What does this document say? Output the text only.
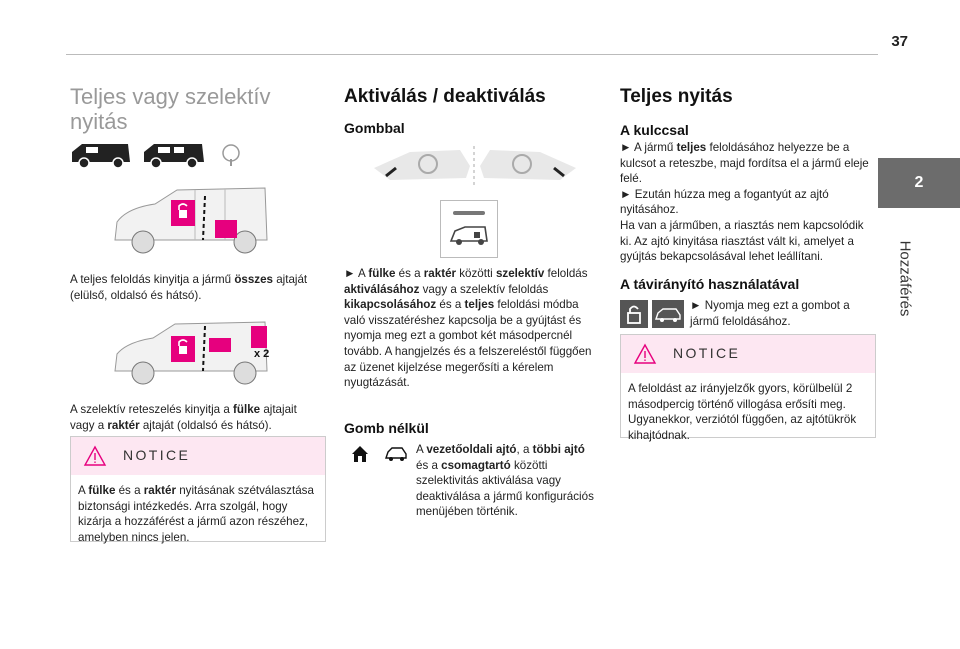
37
2
Hozzáférés
Teljes vagy szelektív nyitás

A teljes feloldás kinyitja a jármű összes ajtaját (elülső, oldalsó és hátsó).

x 2

A szelektív reteszelés kinyitja a fülke ajtajait vagy a raktér ajtaját (oldalsó és hátsó).

NOTICE
A fülke és a raktér nyitásának szétválasztása biztonsági intézkedés. Arra szolgál, hogy kizárja a hozzáférést a jármű azon részéhez, amelyben nincs jelen.
Aktiválás / deaktiválás
Gombbal

► A fülke és a raktér közötti szelektív feloldás aktiválásához vagy a szelektív feloldás kikapcsolásához és a teljes feloldási módba való visszatéréshez kapcsolja be a gyújtást és nyomja meg ezt a gombot két másodpercnél tovább. A hangjelzés és a felszereléstől függően az üzenet kijelzése megerősíti a kérelem nyugtázását.

Gomb nélkül

A vezetőoldali ajtó, a többi ajtó
és a csomagtartó közötti szelektivitás aktiválása vagy deaktiválása a jármű konfigurációs menüjében történik.

Teljes nyitás
A kulccsal

► A jármű teljes feloldásához helyezze be a kulcsot a reteszbe, majd fordítsa el a jármű eleje felé.
► Ezután húzza meg a fogantyút az ajtó nyitásához.
Ha van a járműben, a riasztás nem kapcsolódik ki. Az ajtó kinyitása riasztást vált ki, amelyet a gyújtás bekapcsolásával lehet leállítani.

A távirányító használatával

► Nyomja meg ezt a gombot a jármű feloldásához.

NOTICE
A feloldást az irányjelzők gyors, körülbelül 2 másodpercig történő villogása erősíti meg. Ugyanekkor, verziótól függően, az ajtótükrök kihajtódnak.
